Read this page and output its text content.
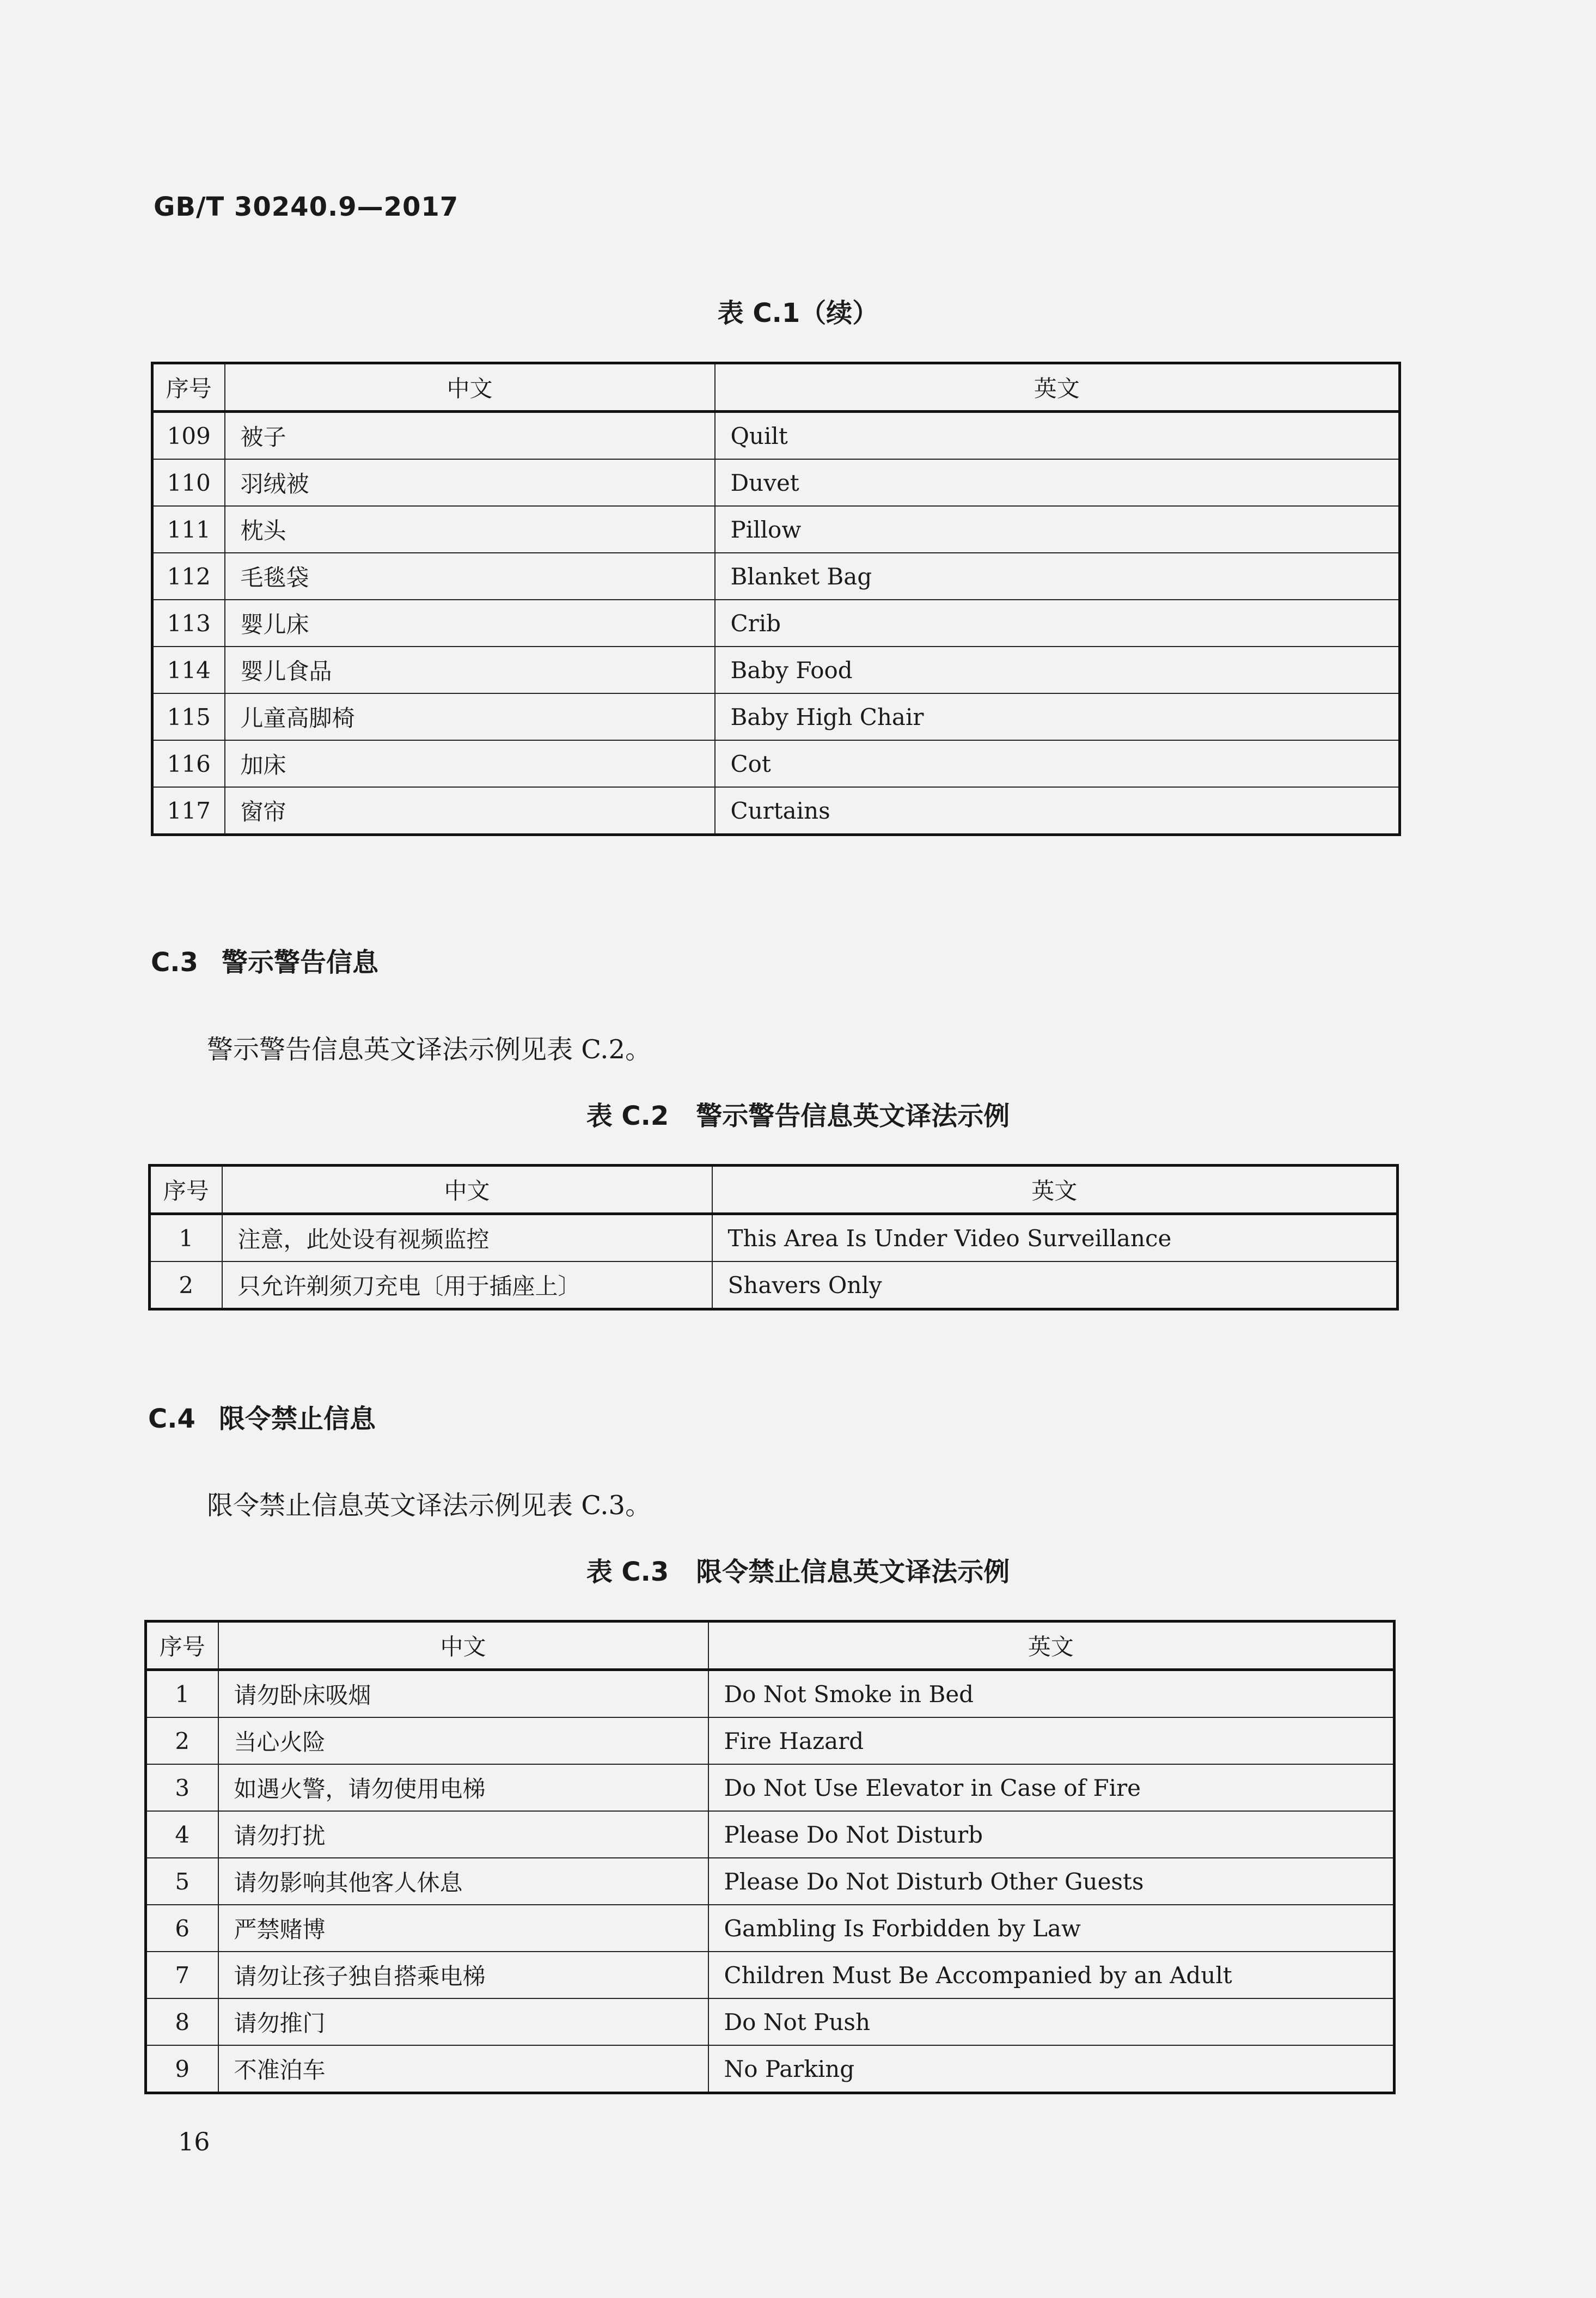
GB/T 30240.9—2017
表 C.1（续）
序号	中文	英文
109	被子	Quilt
110	羽绒被	Duvet
111	枕头	Pillow
112	毛毯袋	Blanket Bag
113	婴儿床	Crib
114	婴儿食品	Baby Food
115	儿童高脚椅	Baby High Chair
116	加床	Cot
117	窗帘	Curtains
C.3 警示警告信息
警示警告信息英文译法示例见表 C.2。
表 C.2 警示警告信息英文译法示例
序号	中文	英文
1	注意，此处设有视频监控	This Area Is Under Video Surveillance
2	只允许剃须刀充电〔用于插座上〕	Shavers Only
C.4 限令禁止信息
限令禁止信息英文译法示例见表 C.3。
表 C.3 限令禁止信息英文译法示例
序号	中文	英文
1	请勿卧床吸烟	Do Not Smoke in Bed
2	当心火险	Fire Hazard
3	如遇火警，请勿使用电梯	Do Not Use Elevator in Case of Fire
4	请勿打扰	Please Do Not Disturb
5	请勿影响其他客人休息	Please Do Not Disturb Other Guests
6	严禁赌博	Gambling Is Forbidden by Law
7	请勿让孩子独自搭乘电梯	Children Must Be Accompanied by an Adult
8	请勿推门	Do Not Push
9	不准泊车	No Parking
16
